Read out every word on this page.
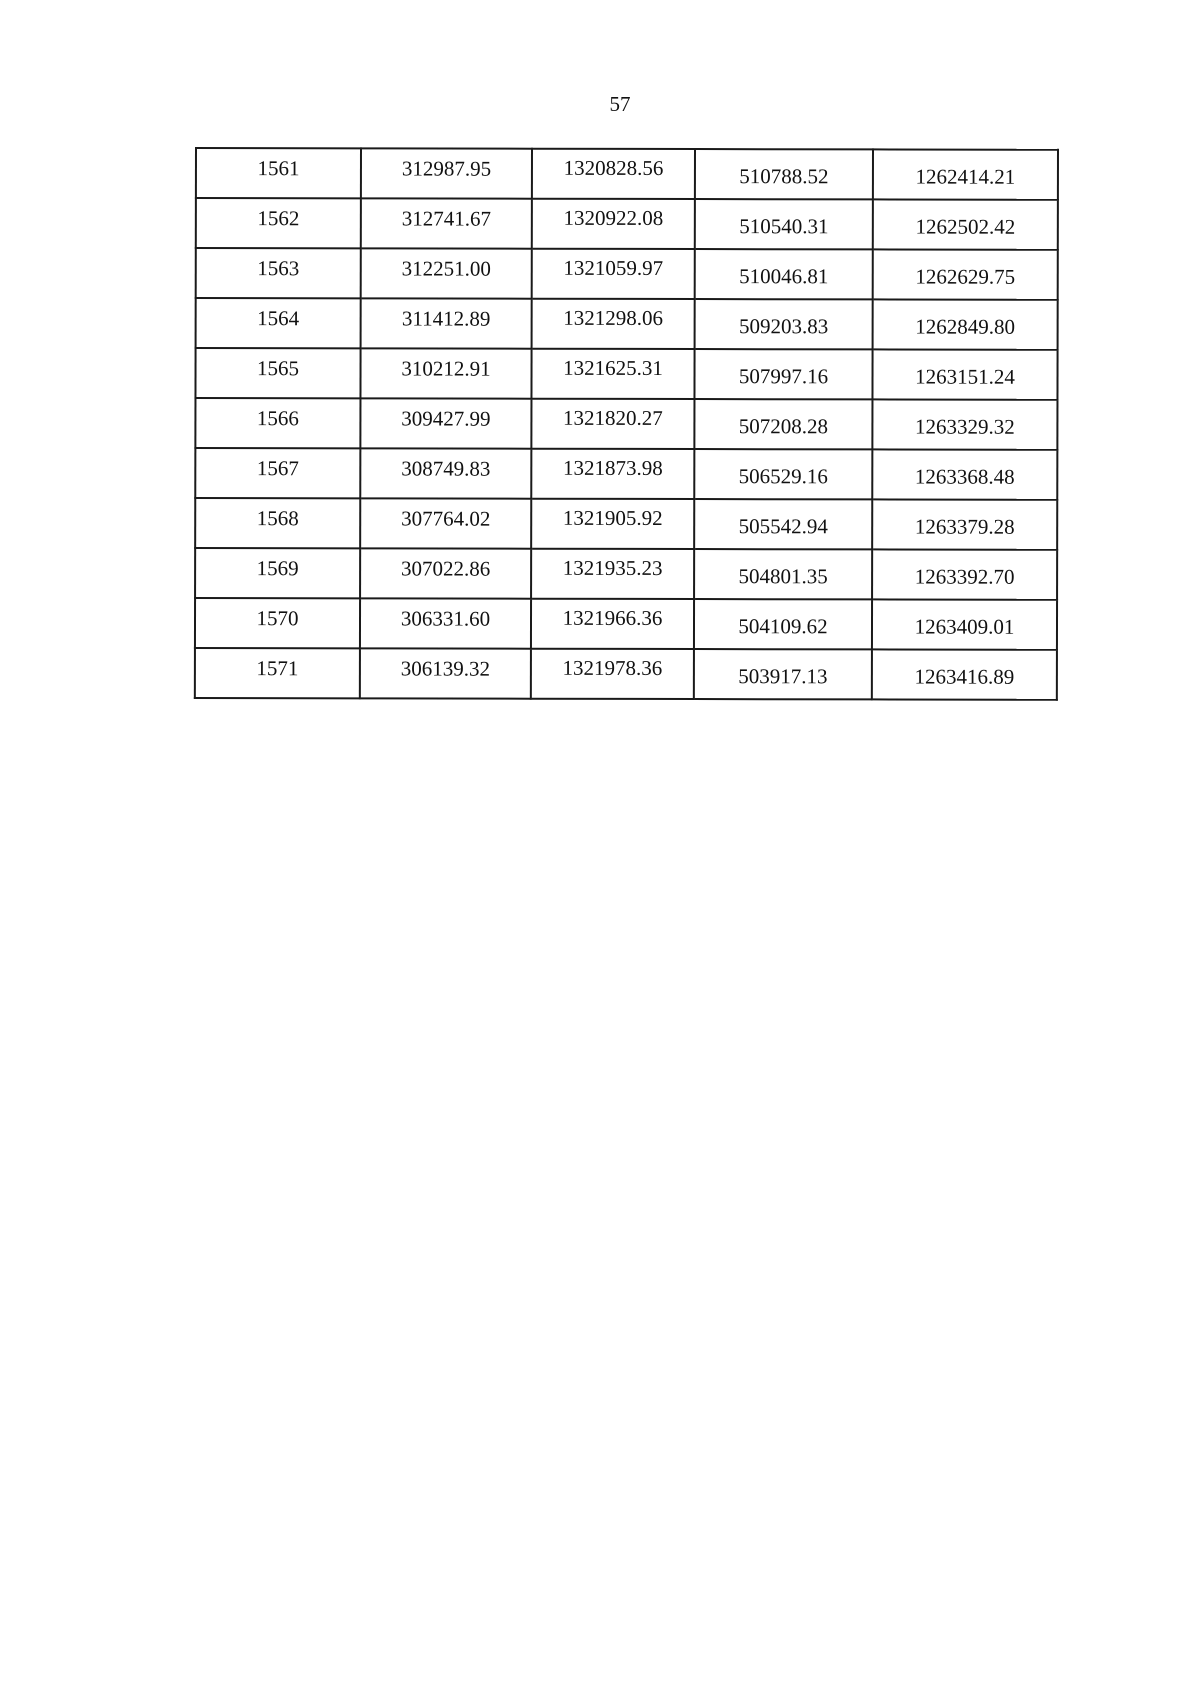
57
1561	312987.95	1320828.56	510788.52	1262414.21
1562	312741.67	1320922.08	510540.31	1262502.42
1563	312251.00	1321059.97	510046.81	1262629.75
1564	311412.89	1321298.06	509203.83	1262849.80
1565	310212.91	1321625.31	507997.16	1263151.24
1566	309427.99	1321820.27	507208.28	1263329.32
1567	308749.83	1321873.98	506529.16	1263368.48
1568	307764.02	1321905.92	505542.94	1263379.28
1569	307022.86	1321935.23	504801.35	1263392.70
1570	306331.60	1321966.36	504109.62	1263409.01
1571	306139.32	1321978.36	503917.13	1263416.89
